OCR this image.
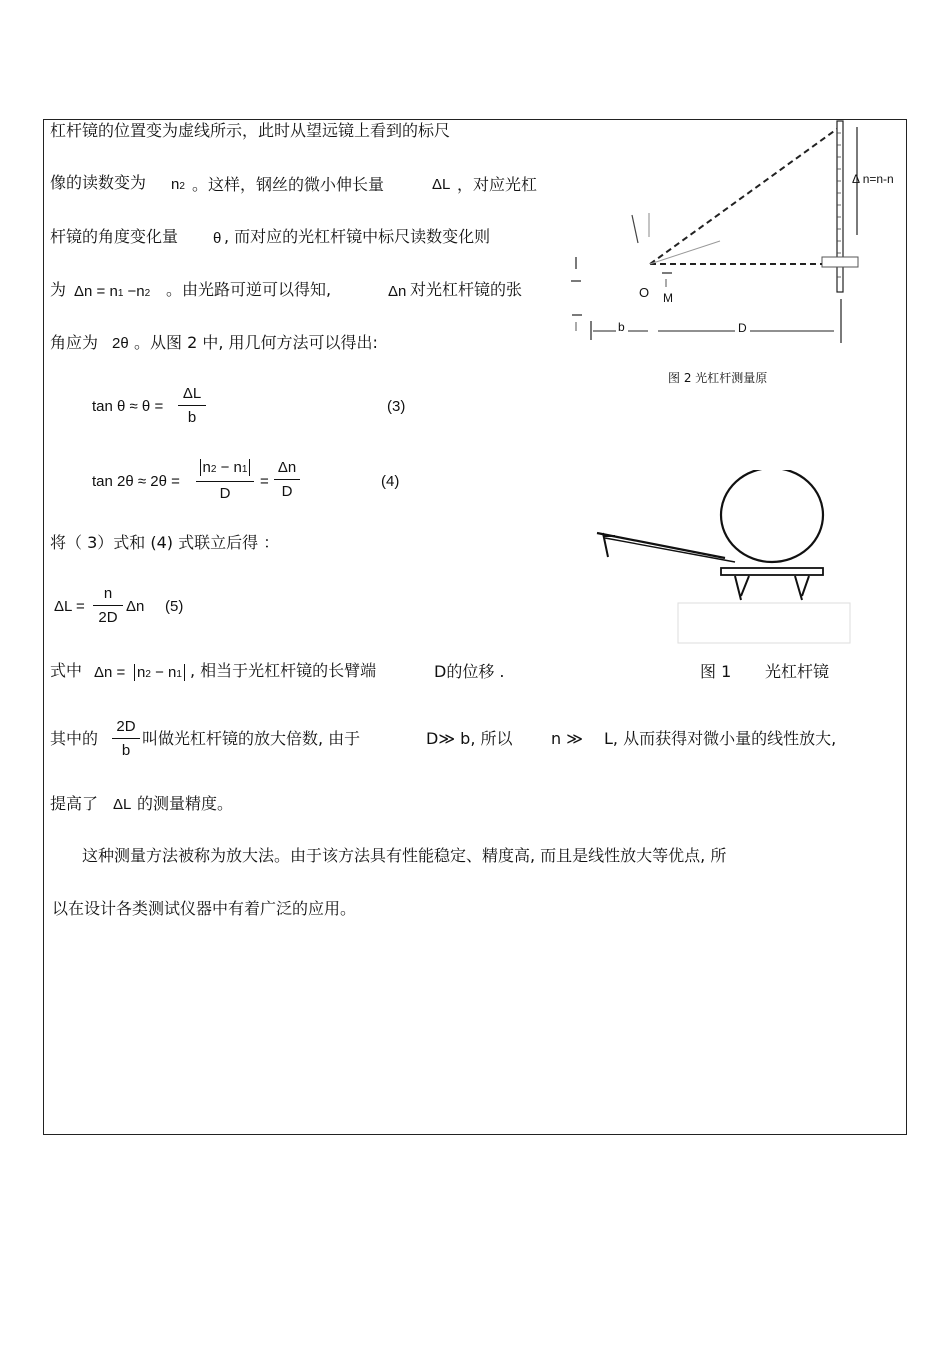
杠杆镜的位置变为虚线所示，此时从望远镜上看到的标尺
像的读数变为 n2 。这样，钢丝的微小伸长量	ΔL ，对应光杠
杆镜的角度变化量 θ , 而对应的光杠杆镜中标尺读数变化则
为 Δn = n1 −n2 。由光路可逆可以得知,	Δn 对光杠杆镜的张
角应为 2θ 。从图 2 中, 用几何方法可以得出:
$\tan \theta \approx \theta = \frac{\Delta L}{b}$	(3)
$\tan 2\theta \approx 2\theta = \frac{n2 - n1}{D} = \frac{\Delta n}{D}$	(4)
将（ 3）式和 (4) 式联立后得 ：
$\Delta L = \frac{n}{2D}$ Δn (5)
式中 Δn = n2 − n1 , 相当于光杠杆镜的长臂端	D的位移 .
其中的 $\frac{2D}{b}$ 叫做光杠杆镜的放大倍数, 由于	D≫ b, 所以 n ≫ L, 从而获得对微小量的线性放大,
提高了 ΔL 的测量精度。
这种测量方法被称为放大法。由于该方法具有性能稳定、精度高, 而且是线性放大等优点, 所
以在设计各类测试仪器中有着广泛的应用。
Δ n=n-n
O M
b	D
图 2 光杠杆测量原
图 1 光杠杆镜
